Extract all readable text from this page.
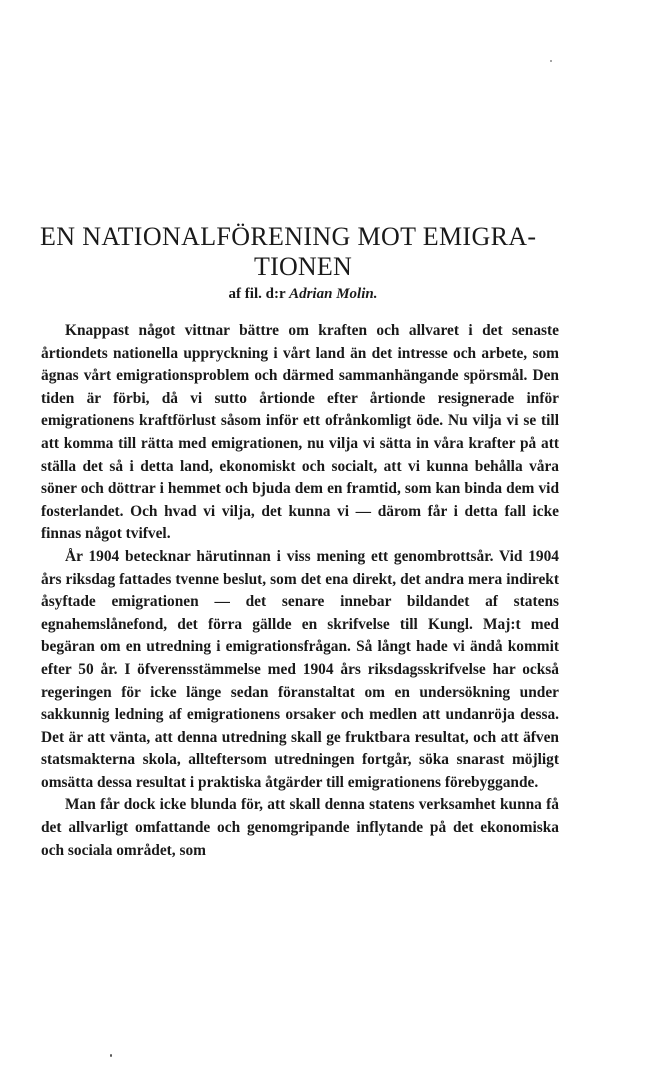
EN NATIONALFÖRENING MOT EMIGRA-
TIONEN
af fil. d:r Adrian Molin.

Knappast något vittnar bättre om kraften och allvaret i det senaste årtiondets nationella uppryckning i vårt land än det intresse och arbete, som ägnas vårt emigrationsproblem och därmed sammanhängande spörsmål. Den tiden är förbi, då vi sutto årtionde efter årtionde resignerade inför emigrationens kraftförlust såsom inför ett ofrånkomligt öde. Nu vilja vi se till att komma till rätta med emigrationen, nu vilja vi sätta in våra krafter på att ställa det så i detta land, ekonomiskt och socialt, att vi kunna behålla våra söner och döttrar i hemmet och bjuda dem en framtid, som kan binda dem vid fosterlandet. Och hvad vi vilja, det kunna vi — därom får i detta fall icke finnas något tvifvel.

År 1904 betecknar härutinnan i viss mening ett genombrottsår. Vid 1904 års riksdag fattades tvenne beslut, som det ena direkt, det andra mera indirekt åsyftade emigrationen — det senare innebar bildandet af statens egnahemslånefond, det förra gällde en skrifvelse till Kungl. Maj:t med begäran om en utredning i emigrationsfrågan. Så långt hade vi ändå kommit efter 50 år. I öfverensstämmelse med 1904 års riksdagsskrifvelse har också regeringen för icke länge sedan föranstaltat om en undersökning under sakkunnig ledning af emigrationens orsaker och medlen att undanröja dessa. Det är att vänta, att denna utredning skall ge fruktbara resultat, och att äfven statsmakterna skola, allteftersom utredningen fortgår, söka snarast möjligt omsätta dessa resultat i praktiska åtgärder till emigrationens förebyggande.

Man får dock icke blunda för, att skall denna statens verksamhet kunna få det allvarligt omfattande och genomgripande inflytande på det ekonomiska och sociala området, som
